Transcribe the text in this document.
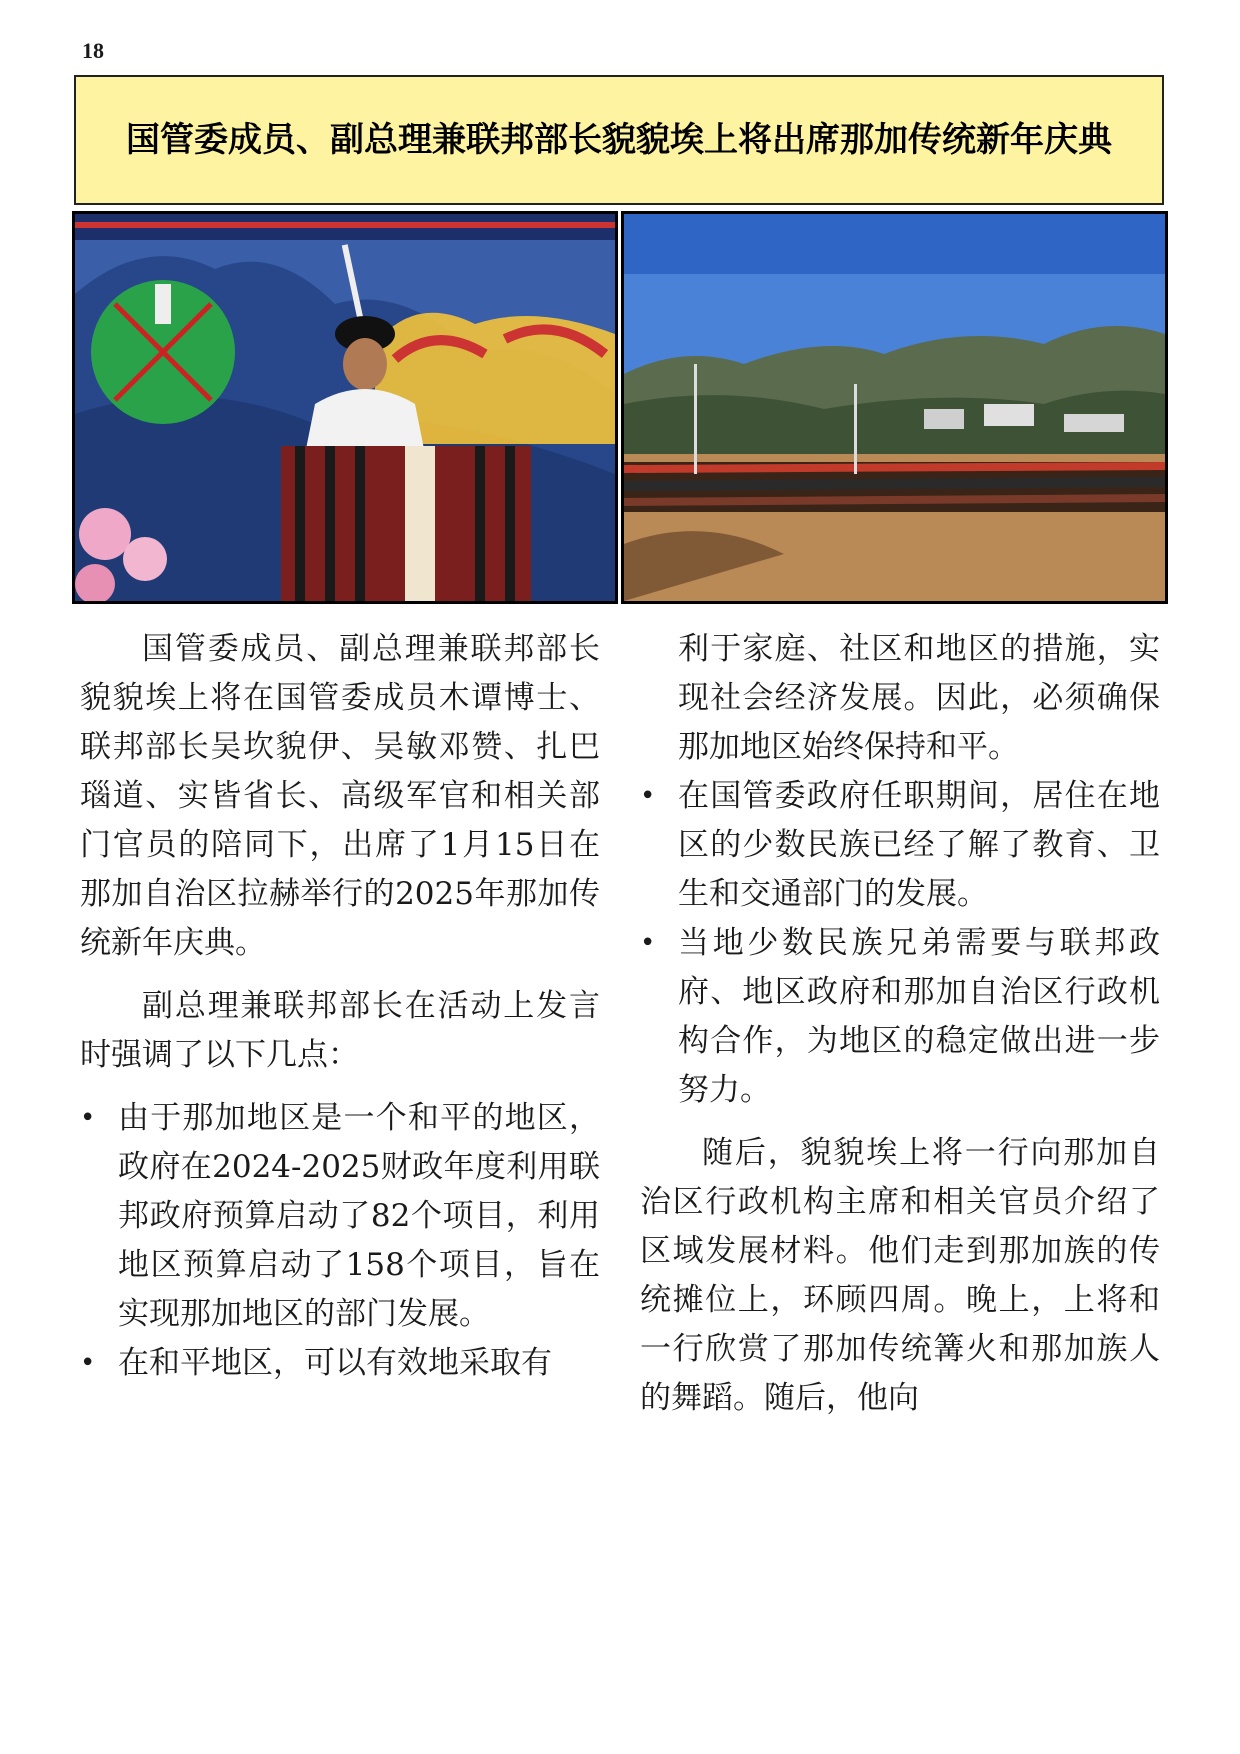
18
国管委成员、副总理兼联邦部长貌貌埃上将出席那加传统新年庆典

国管委成员、副总理兼联邦部长貌貌埃上将在国管委成员木谭博士、联邦部长吴坎貌伊、吴敏邓赞、扎巴瑙道、实皆省长、高级军官和相关部门官员的陪同下，出席了1月15日在那加自治区拉赫举行的2025年那加传统新年庆典。

副总理兼联邦部长在活动上发言时强调了以下几点：

• 由于那加地区是一个和平的地区，政府在2024-2025财政年度利用联邦政府预算启动了82个项目，利用地区预算启动了158个项目，旨在实现那加地区的部门发展。
• 在和平地区，可以有效地采取有
利于家庭、社区和地区的措施，实现社会经济发展。因此，必须确保那加地区始终保持和平。
• 在国管委政府任职期间，居住在地区的少数民族已经了解了教育、卫生和交通部门的发展。
• 当地少数民族兄弟需要与联邦政府、地区政府和那加自治区行政机构合作，为地区的稳定做出进一步努力。

随后，貌貌埃上将一行向那加自治区行政机构主席和相关官员介绍了区域发展材料。他们走到那加族的传统摊位上，环顾四周。晚上，上将和一行欣赏了那加传统篝火和那加族人的舞蹈。随后，他向
